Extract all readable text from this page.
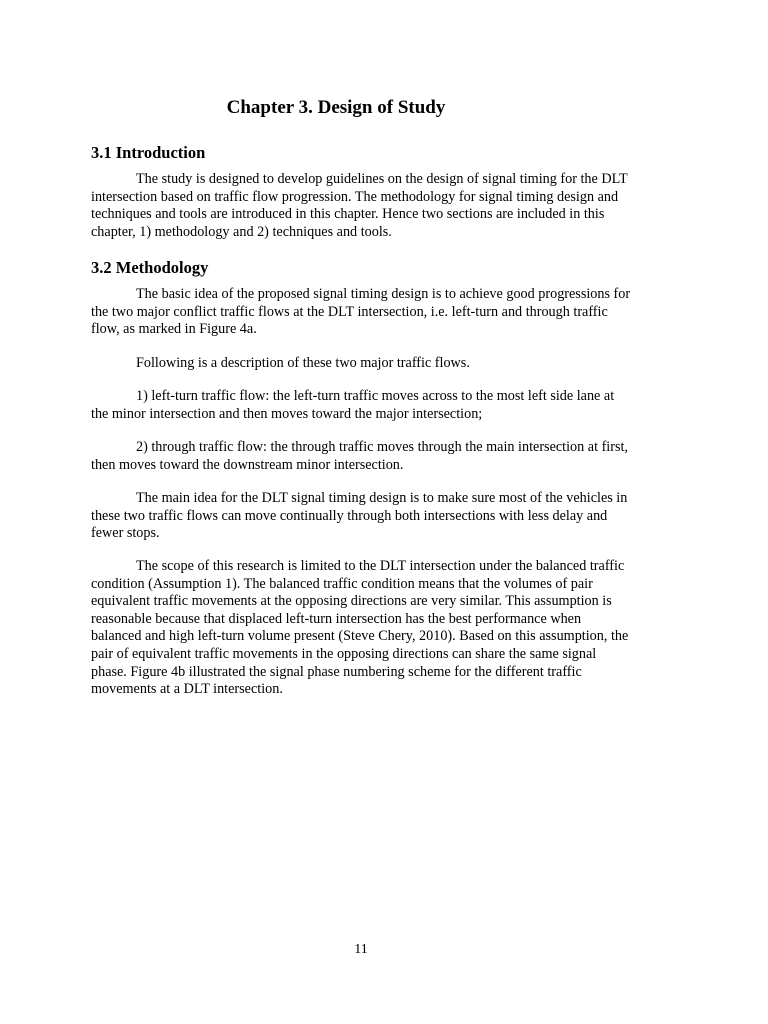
Chapter 3. Design of Study
3.1 Introduction

The study is designed to develop guidelines on the design of signal timing for the DLT intersection based on traffic flow progression. The methodology for signal timing design and techniques and tools are introduced in this chapter. Hence two sections are included in this chapter, 1) methodology and 2) techniques and tools.

3.2 Methodology

The basic idea of the proposed signal timing design is to achieve good progressions for the two major conflict traffic flows at the DLT intersection, i.e. left-turn and through traffic flow, as marked in Figure 4a.

Following is a description of these two major traffic flows.

1) left-turn traffic flow: the left-turn traffic moves across to the most left side lane at the minor intersection and then moves toward the major intersection;

2) through traffic flow: the through traffic moves through the main intersection at first, then moves toward the downstream minor intersection.

The main idea for the DLT signal timing design is to make sure most of the vehicles in these two traffic flows can move continually through both intersections with less delay and fewer stops.

The scope of this research is limited to the DLT intersection under the balanced traffic condition (Assumption 1). The balanced traffic condition means that the volumes of pair equivalent traffic movements at the opposing directions are very similar. This assumption is reasonable because that displaced left-turn intersection has the best performance when balanced and high left-turn volume present (Steve Chery, 2010). Based on this assumption, the pair of equivalent traffic movements in the opposing directions can share the same signal phase. Figure 4b illustrated the signal phase numbering scheme for the different traffic movements at a DLT intersection.

11
